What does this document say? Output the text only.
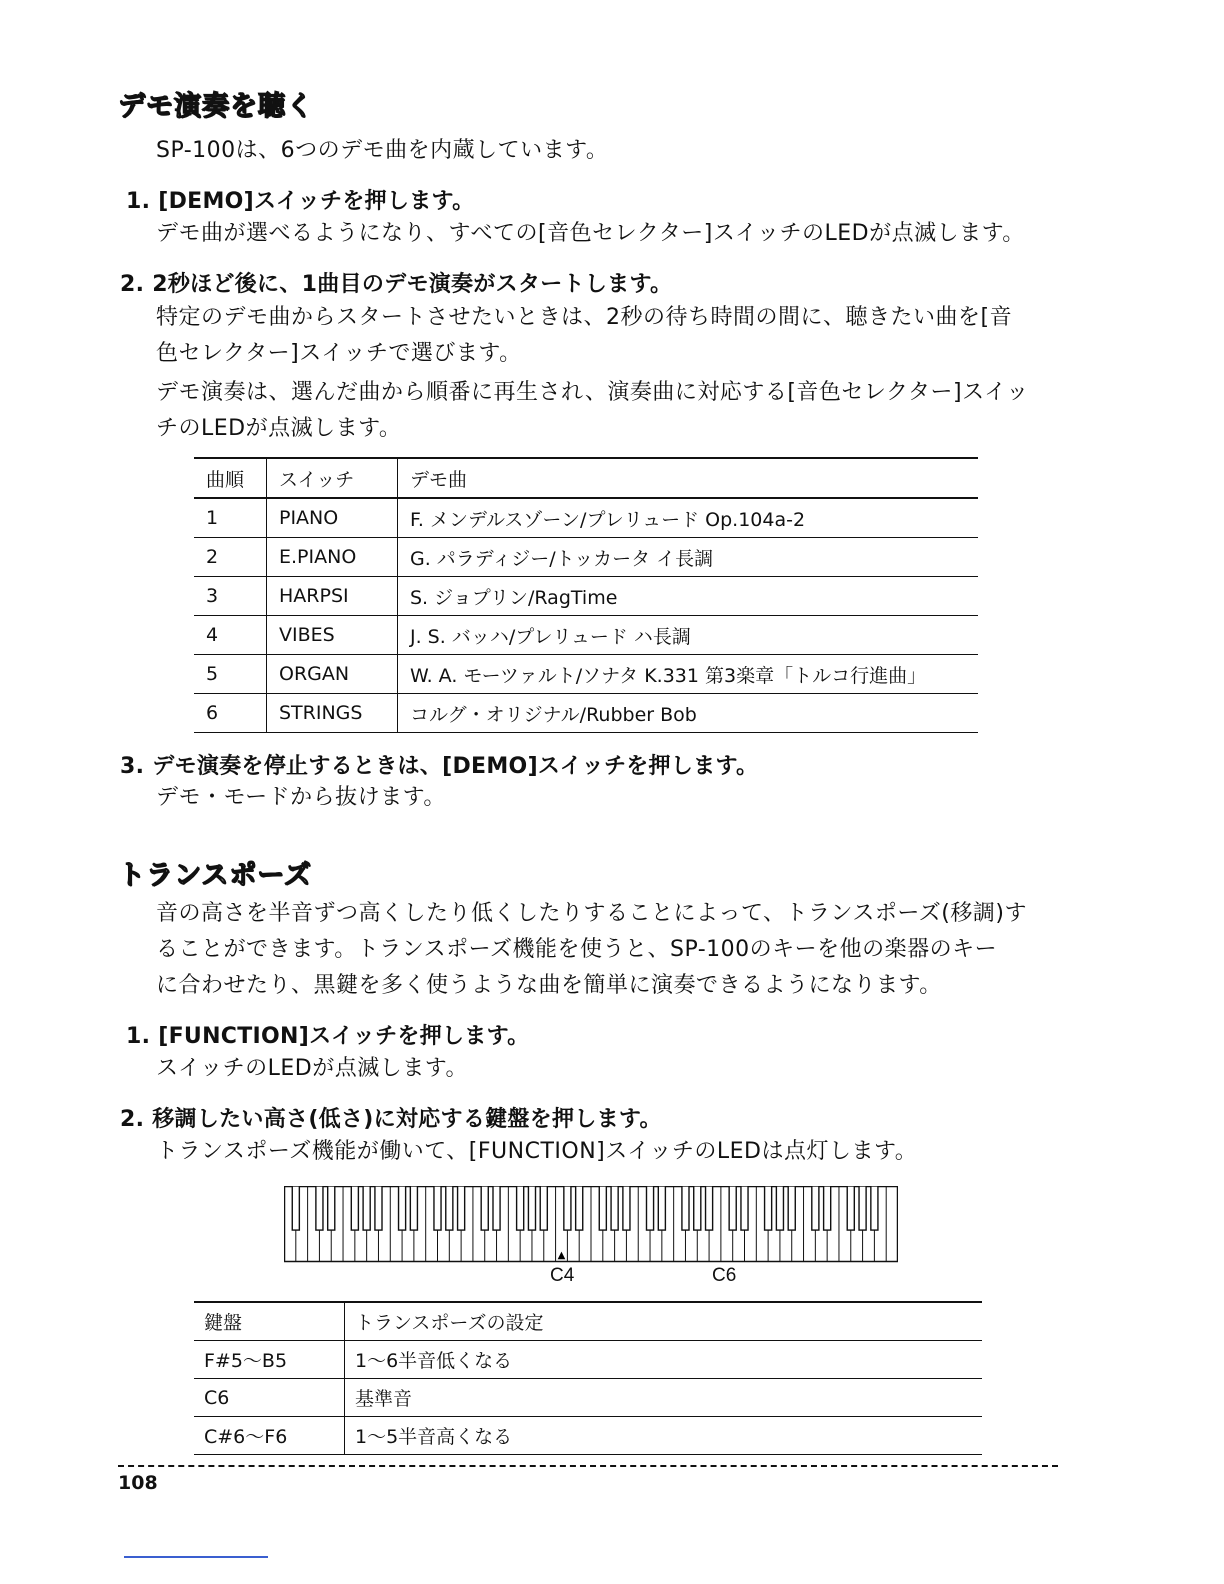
デモ演奏を聴く
SP-100は、6つのデモ曲を内蔵しています。
1. [DEMO]スイッチを押します。
デモ曲が選べるようになり、すべての[音色セレクター]スイッチのLEDが点滅します。
2. 2秒ほど後に、1曲目のデモ演奏がスタートします。
特定のデモ曲からスタートさせたいときは、2秒の待ち時間の間に、聴きたい曲を[音
色セレクター]スイッチで選びます。
デモ演奏は、選んだ曲から順番に再生され、演奏曲に対応する[音色セレクター]スイッ
チのLEDが点滅します。
曲順	スイッチ	デモ曲
1	PIANO	F. メンデルスゾーン/プレリュード Op.104a-2
2	E.PIANO	G. パラディジー/トッカータ イ長調
3	HARPSI	S. ジョプリン/RagTime
4	VIBES	J. S. バッハ/プレリュード ハ長調
5	ORGAN	W. A. モーツァルト/ソナタ K.331 第3楽章「トルコ行進曲」
6	STRINGS	コルグ・オリジナル/Rubber Bob
3. デモ演奏を停止するときは、[DEMO]スイッチを押します。
デモ・モードから抜けます。
トランスポーズ
音の高さを半音ずつ高くしたり低くしたりすることによって、トランスポーズ(移調)す
ることができます。トランスポーズ機能を使うと、SP-100のキーを他の楽器のキー
に合わせたり、黒鍵を多く使うような曲を簡単に演奏できるようになります。
1. [FUNCTION]スイッチを押します。
スイッチのLEDが点滅します。
2. 移調したい高さ(低さ)に対応する鍵盤を押します。
トランスポーズ機能が働いて、[FUNCTION]スイッチのLEDは点灯します。
▲
C4	C6
鍵盤	トランスポーズの設定
F#5～B5	1～6半音低くなる
C6	基準音
C#6～F6	1～5半音高くなる
108
